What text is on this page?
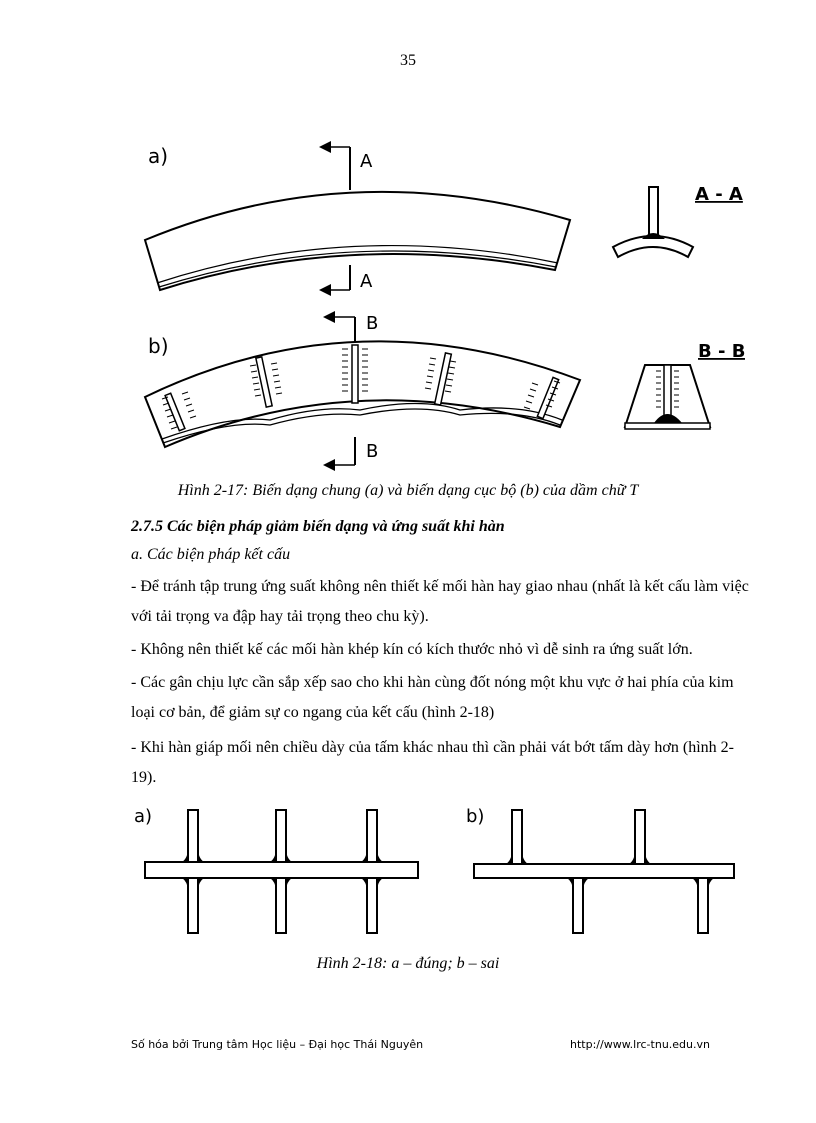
35
a)	A
A
A - A
b)
B
B
B - B
Hình 2-17: Biến dạng chung (a) và biến dạng cục bộ (b) của dầm chữ T
2.7.5 Các biện pháp giảm biến dạng và ứng suất khi hàn
a. Các biện pháp kết cấu
- Để tránh tập trung ứng suất không nên thiết kế mối hàn hay giao nhau (nhất là kết cấu làm việc với tải trọng va đập hay tải trọng theo chu kỳ).
- Không nên thiết kế các mối hàn khép kín có kích thước nhỏ vì dễ sinh ra ứng suất lớn.
- Các gân chịu lực cần sắp xếp sao cho khi hàn cùng đốt nóng một khu vực ở hai phía của kim loại cơ bản, để giảm sự co ngang của kết cấu (hình 2-18)
- Khi hàn giáp mối nên chiều dày của tấm khác nhau thì cần phải vát bớt tấm dày hơn (hình 2-19).
a)	b)
Hình 2-18: a – đúng; b – sai
Số hóa bởi Trung tâm Học liệu – Đại học Thái Nguyên	http://www.lrc-tnu.edu.vn
